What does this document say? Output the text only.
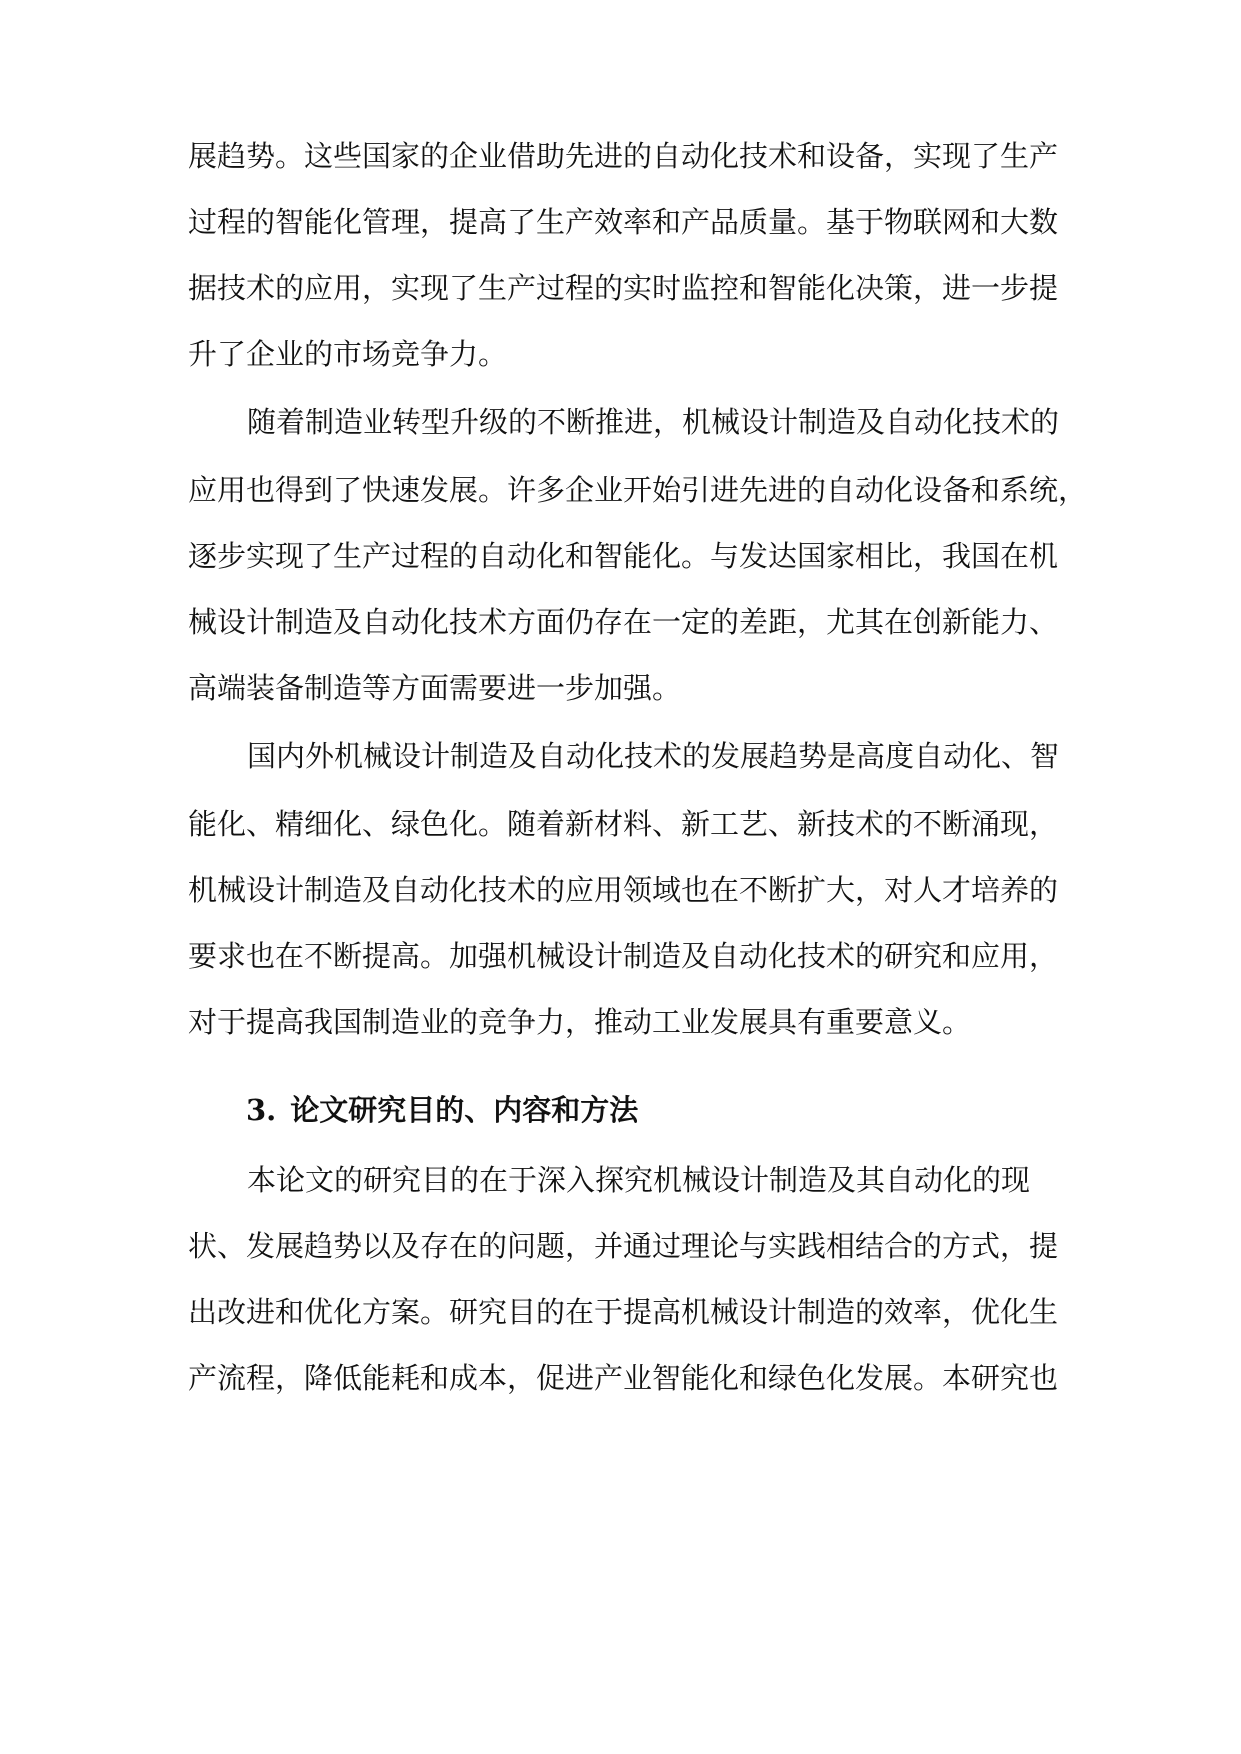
展趋势。这些国家的企业借助先进的自动化技术和设备，实现了生产
过程的智能化管理，提高了生产效率和产品质量。基于物联网和大数
据技术的应用，实现了生产过程的实时监控和智能化决策，进一步提
升了企业的市场竞争力。
随着制造业转型升级的不断推进，机械设计制造及自动化技术的
应用也得到了快速发展。许多企业开始引进先进的自动化设备和系统，
逐步实现了生产过程的自动化和智能化。与发达国家相比，我国在机
械设计制造及自动化技术方面仍存在一定的差距，尤其在创新能力、
高端装备制造等方面需要进一步加强。
国内外机械设计制造及自动化技术的发展趋势是高度自动化、智
能化、精细化、绿色化。随着新材料、新工艺、新技术的不断涌现，
机械设计制造及自动化技术的应用领域也在不断扩大，对人才培养的
要求也在不断提高。加强机械设计制造及自动化技术的研究和应用，
对于提高我国制造业的竞争力，推动工业发展具有重要意义。
3. 论文研究目的、内容和方法
本论文的研究目的在于深入探究机械设计制造及其自动化的现
状、发展趋势以及存在的问题，并通过理论与实践相结合的方式，提
出改进和优化方案。研究目的在于提高机械设计制造的效率，优化生
产流程，降低能耗和成本，促进产业智能化和绿色化发展。本研究也
